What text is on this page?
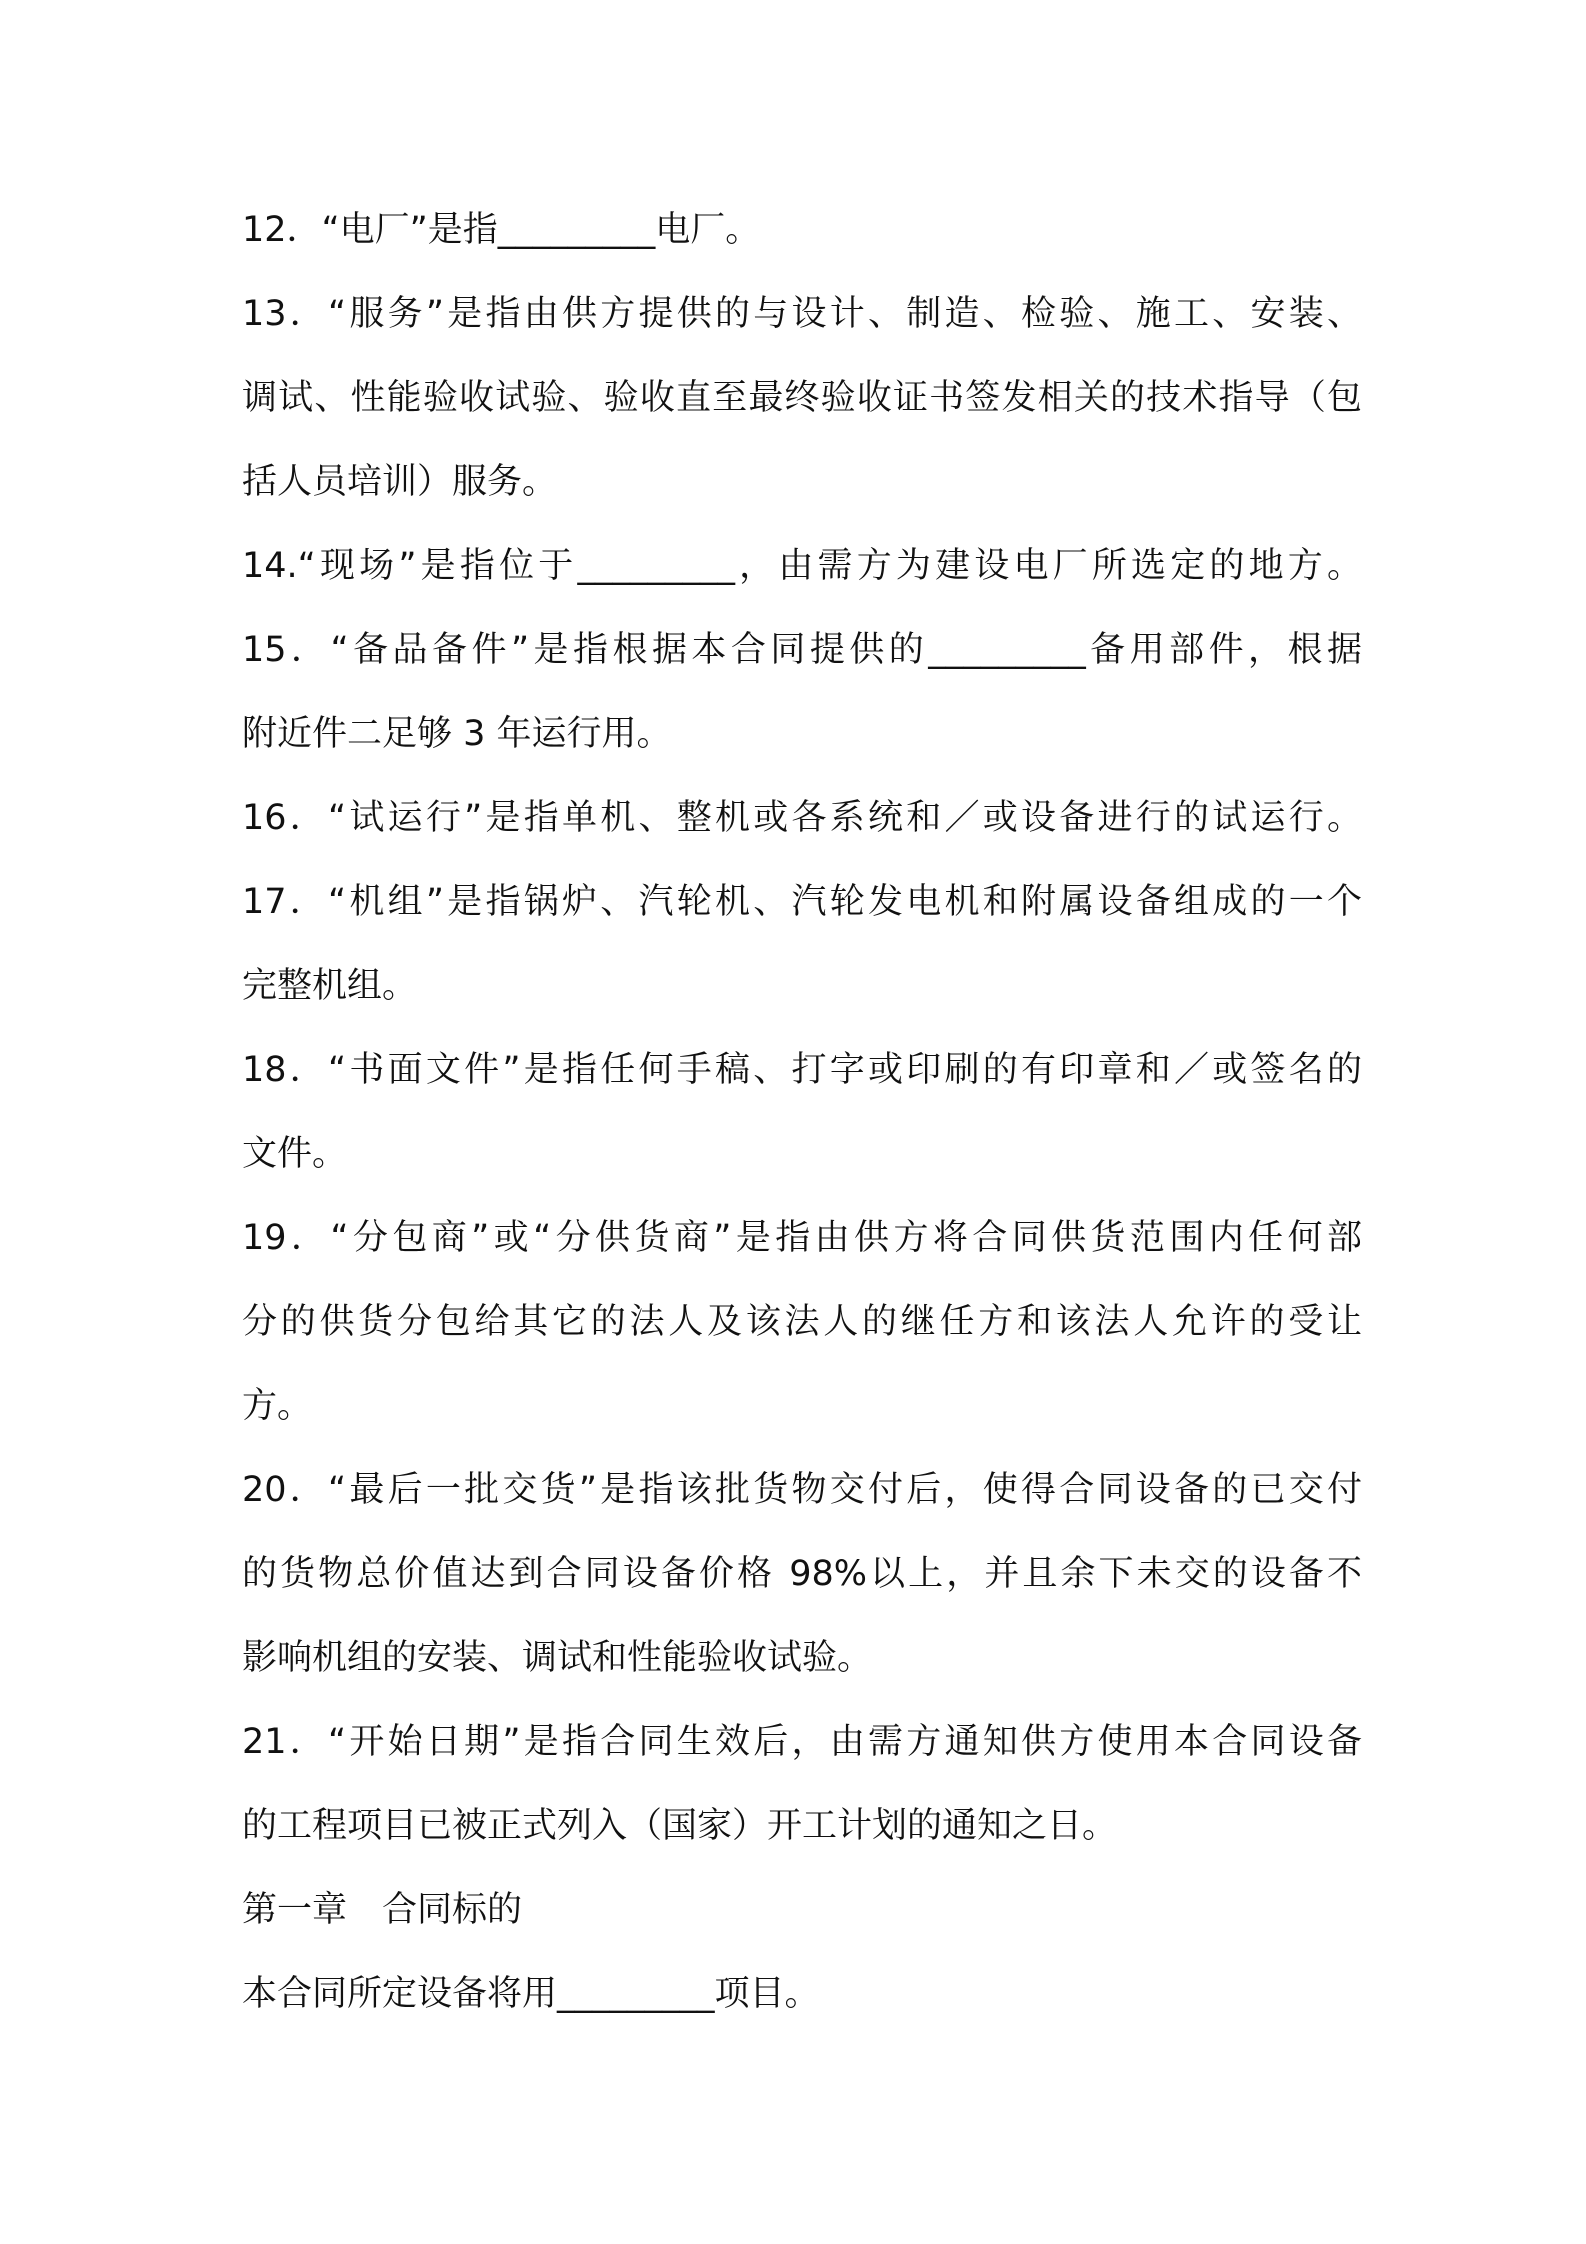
12．“电厂”是指_________电厂。
13．“服务”是指由供方提供的与设计、制造、检验、施工、安装、
调试、性能验收试验、验收直至最终验收证书签发相关的技术指导（包
括人员培训）服务。
14.“现场”是指位于_________，由需方为建设电厂所选定的地方。
15．“备品备件”是指根据本合同提供的_________备用部件，根据
附近件二足够 3 年运行用。
16．“试运行”是指单机、整机或各系统和／或设备进行的试运行。
17．“机组”是指锅炉、汽轮机、汽轮发电机和附属设备组成的一个
完整机组。
18．“书面文件”是指任何手稿、打字或印刷的有印章和／或签名的
文件。
19．“分包商”或“分供货商”是指由供方将合同供货范围内任何部
分的供货分包给其它的法人及该法人的继任方和该法人允许的受让
方。
20．“最后一批交货”是指该批货物交付后，使得合同设备的已交付
的货物总价值达到合同设备价格 98%以上，并且余下未交的设备不
影响机组的安装、调试和性能验收试验。
21．“开始日期”是指合同生效后，由需方通知供方使用本合同设备
的工程项目已被正式列入（国家）开工计划的通知之日。
第一章　合同标的
本合同所定设备将用_________项目。
